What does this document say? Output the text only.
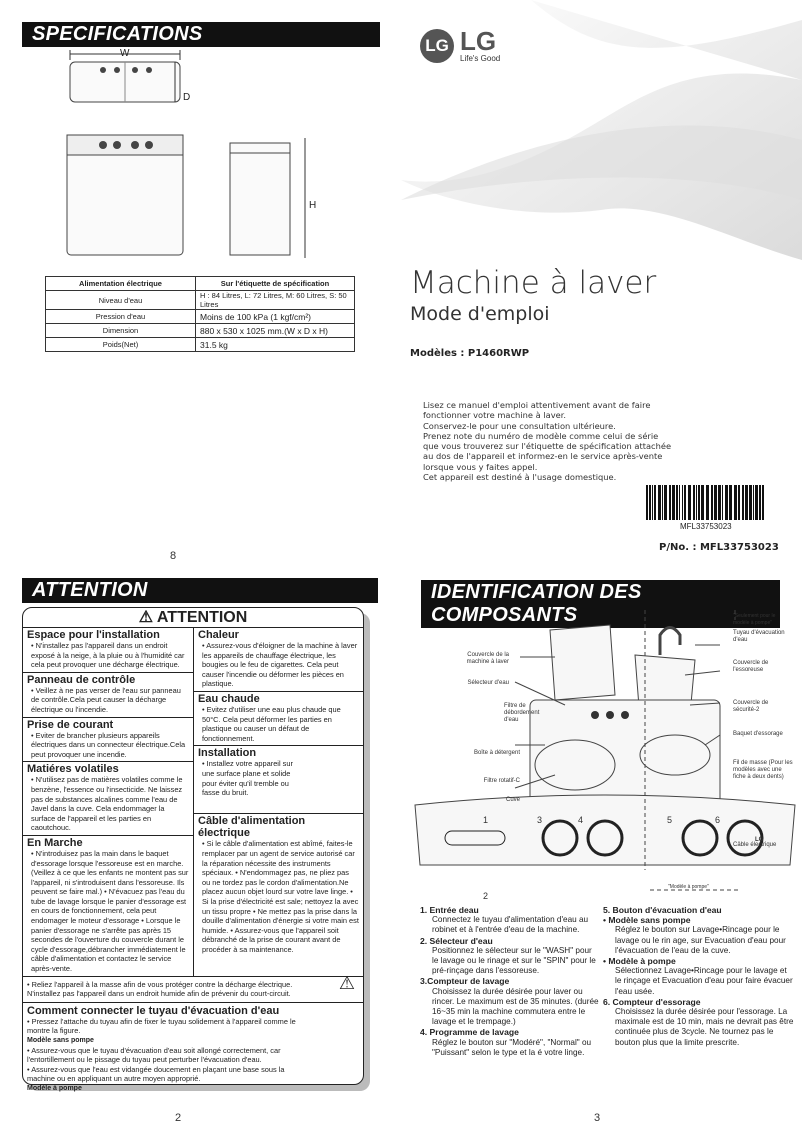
SPECIFICATIONS
W
D
H
Alimentation électrique	Sur l'étiquette de spécification
Niveau d'eau	H : 84 Litres, L: 72 Litres, M: 60 Litres, S: 50 Litres
Pression d'eau	Moins de 100 kPa (1 kgf/cm²)
Dimension	880 x 530 x 1025 mm.(W x D x H)
Poids(Net)	31.5 kg
8
LG LG
Life's Good
Machine à laver
Mode d'emploi
Modèles : P1460RWP
Lisez ce manuel d'emploi attentivement avant de faire
fonctionner votre machine à laver.
Conservez-le pour une consultation ultérieure.
Prenez note du numéro de modèle comme celui de série
que vous trouverez sur l'étiquette de spécification attachée
au dos de l'appareil et informez-en le service après-vente
lorsque vous y faites appel.
Cet appareil est destiné à l'usage domestique.
MFL33753023
P/No. : MFL33753023
ATTENTION
⚠ ATTENTION
Espace pour l'installation

• N'installez pas l'appareil dans un endroit exposé à la neige, à la pluie ou à l'humidité car cela peut provoquer une décharge électrique.

Panneau de contrôle

• Veillez à ne pas verser de l'eau sur panneau de contrôle.Cela peut causer la décharge électrique ou l'incendie.

Prise de courant

• Eviter de brancher plusieurs appareils électriques dans un connecteur électrique.Cela peut provoquer une incendie.

Matiéres volatiles

• N'utilisez pas de matières volatiles comme le benzène, l'essence ou l'insecticide. Ne laissez pas de substances alcalines comme l'eau de Javel dans la cuve. Cela endommager la surface de l'appareil et les parties en caoutchouc.

En Marche

• N'introduisez pas la main dans le baquet d'essorage lorsque l'essoreuse est en marche. (Veillez à ce que les enfants ne montent pas sur l'appareil, ni s'introduisent dans l'essoreuse. Ils peuvent se faire mal.) • N'évacuez pas l'eau du tube de lavage lorsque le panier d'essorage est en cours de fonctionnement, cela peut endomager le moteur d'essorage • Lorsque le panier d'essorage ne s'arrête pas après 15 secondes de l'ouverture du couvercle durant le cycle d'essorage,débrancher immédiatement le câble d'alimentation et contactez le service après-vente.

Chaleur

• Assurez-vous d'éloigner de la machine à laver les appareils de chauffage électrique, les bougies ou le feu de cigarettes. Cela peut causer l'incendie ou déformer les pièces en plastique.

Eau chaude

• Evitez d'utiliser une eau plus chaude que 50°C. Cela peut déformer les parties en plastique ou causer un défaut de fonctionnement.

Installation

• Installez votre appareil sur une surface plane et solide pour éviter qu'il tremble ou fasse du bruit.

Câble d'alimentation électrique

• Si le câble d'alimentation est abîmé, faites-le remplacer par un agent de service autorisé car la réparation nécessite des instruments spéciaux. • N'endommagez pas, ne pliez pas ou ne tordez pas le cordon d'alimentation.Ne placez aucun objet lourd sur votre lave linge. • Si la prise d'électricité est sale; nettoyez la avec un tissu propre • Ne mettez pas la prise dans la douille d'alimentation d'énergie si votre main est humide. • Assurez-vous que l'appareil soit débranché de la prise de courant avant de procéder à sa maintenance.

• Reliez l'appareil à la masse afin de vous protéger contre la décharge électrique. N'installez pas l'appareil dans un endroit humide afin de prévenir du court-circuit.
⚠
Comment connecter le tuyau d'évacuation d'eau

• Pressez l'attache du tuyau afin de fixer le tuyau solidement à l'appareil comme le montre la figure.

Modèle sans pompe

• Assurez-vous que le tuyau d'évacuation d'eau soit allongé correctement, car l'entortillement ou le pissage du tuyau peut perturber l'évacuation d'eau.

• Assurez-vous que l'eau est vidangée doucement en plaçant une base sous la machine ou en appliquant un autre moyen approprié.

Modèle à pompe
2
IDENTIFICATION DES COMPOSANTS
Couvercle de la machine à laver
Sélecteur d'eau
Filtre de débordement d'eau
Boîte à détergent
Filtre rotatif-C
Cuve
"Seulement pour le modèle à pompe"
Tuyau d'évacuation d'eau
Couvercle de l'essoreuse
Couvercle de sécurité-2
Baquet d'essorage
Fil de masse (Pour les modèles avec une fiche à deux dents)
Câble électrique
1
2
3	4	5	6
LG
"Modèle à pompe"
1. Entrée deau

Connectez le tuyau d'alimentation d'eau au robinet et à l'entrée d'eau de la machine.

2. Sélecteur d'eau

Positionnez le sélecteur sur le "WASH" pour le lavage ou le rinage et sur le "SPIN" pour le pré-rinçage dans l'essoreuse.

3.Compteur de lavage

Choisissez la durée désirée pour laver ou rincer. Le maximum est de 35 minutes. (durée 16~35 min la machine commutera entre le lavage et le trempage.)

4. Programme de lavage

Réglez le bouton sur "Modéré", "Normal" ou "Puissant" selon le type et la é votre linge.

5. Bouton d'évacuation d'eau
• Modèle sans pompe

Réglez le bouton sur Lavage•Rincage pour le lavage ou le rin age, sur Evacuation d'eau pour l'évacuation de l'eau de la cuve.

• Modèle à pompe

Sélectionnez Lavage•Rincage pour le lavage et le rinçage et Evacuation d'eau pour faire évacuer l'eau usée.

6. Compteur d'essorage

Choisissez la durée désirée pour l'essorage. La maximale est de 10 min, mais ne devrait pas être continuée plus de 3cycle. Ne tournez pas le bouton plus que la limite prescrite.

3
